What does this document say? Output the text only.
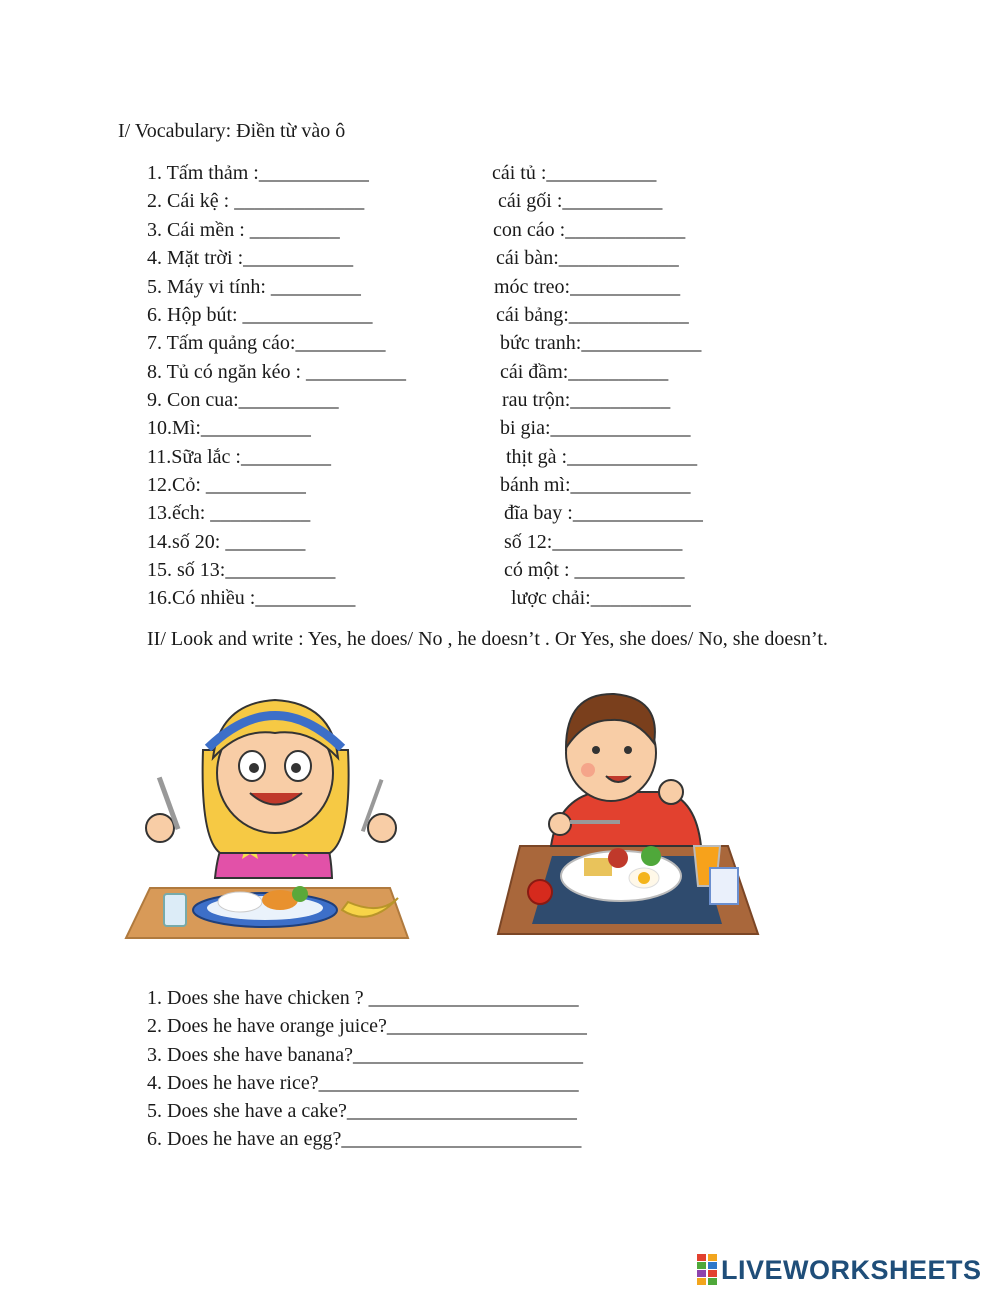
I/ Vocabulary: Điền từ vào ô
1. Tấm thảm :___________
2. Cái kệ : _____________
3. Cái mền : _________
4. Mặt trời :___________
5. Máy vi tính: _________
6. Hộp bút: _____________
7. Tấm quảng cáo:_________
8. Tủ có ngăn kéo : __________
9. Con cua:__________
10.Mì:___________
11.Sữa lắc :_________
12.Cỏ: __________
13.ếch: __________
14.số 20: ________
15. số 13:___________
16.Có nhiều :__________
cái tủ :___________
cái gối :__________
con cáo :____________
cái bàn:____________
móc treo:___________
cái bảng:____________
bức tranh:____________
cái đầm:__________
rau trộn:__________
bi gia:______________
thịt gà :_____________
bánh mì:____________
đĩa bay :_____________
số 12:_____________
có một : ___________
lược chải:__________
II/ Look and write : Yes, he does/ No , he doesn’t . Or Yes, she does/ No, she doesn’t.
1. Does she have chicken ? _____________________
2. Does he have orange juice?____________________
3. Does she have banana?_______________________
4. Does he have rice?__________________________
5. Does she have a cake?_______________________
6. Does he have an egg?________________________
LIVEWORKSHEETS
